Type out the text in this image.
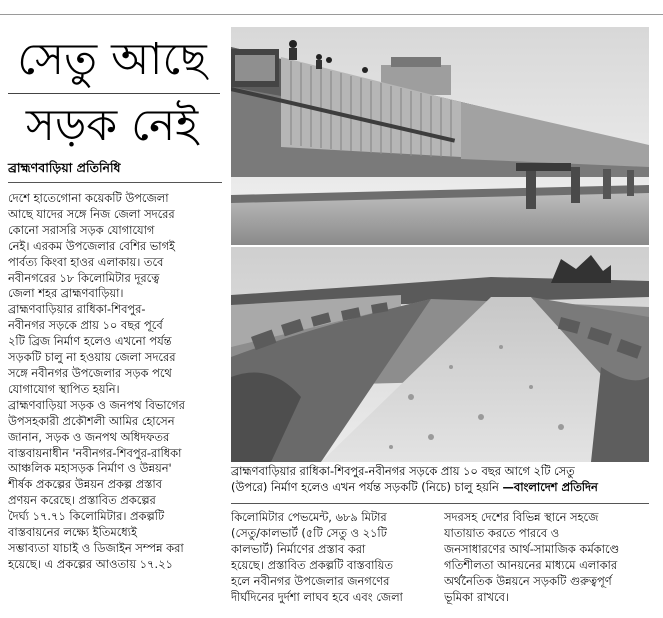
সেতু আছে
সড়ক নেই
ব্রাহ্মণবাড়িয়া প্রতিনিধি
দেশে হাতেগোনা কয়েকটি উপজেলা
আছে যাদের সঙ্গে নিজ জেলা সদরের
কোনো সরাসরি সড়ক যোগাযোগ
নেই। এরকম উপজেলার বেশির ভাগই
পার্বত্য কিংবা হাওর এলাকায়। তবে
নবীনগরের ১৮ কিলোমিটার দূরত্বে
জেলা শহর ব্রাহ্মণবাড়িয়া।
ব্রাহ্মণবাড়িয়ার রাধিকা-শিবপুর-
নবীনগর সড়কে প্রায় ১০ বছর পূর্বে
২টি ব্রিজ নির্মাণ হলেও এখনো পর্যন্ত
সড়কটি চালু না হওয়ায় জেলা সদরের
সঙ্গে নবীনগর উপজেলার সড়ক পথে
যোগাযোগ স্থাপিত হয়নি।
ব্রাহ্মণবাড়িয়া সড়ক ও জনপথ বিভাগের
উপসহকারী প্রকৌশলী আমির হোসেন
জানান, সড়ক ও জনপথ অধিদফতর
বাস্তবায়নাধীন 'নবীনগর-শিবপুর-রাধিকা
আঞ্চলিক মহাসড়ক নির্মাণ ও উন্নয়ন'
শীর্ষক প্রকল্পের উন্নয়ন প্রকল্প প্রস্তাব
প্রণয়ন করেছে। প্রস্তাবিত প্রকল্পের
দৈর্ঘ্য ১৭.৭১ কিলোমিটার। প্রকল্পটি
বাস্তবায়নের লক্ষ্যে ইতিমধ্যেই
সম্ভাব্যতা যাচাই ও ডিজাইন সম্পন্ন করা
হয়েছে। এ প্রকল্পের আওতায় ১৭.২১
ব্রাহ্মণবাড়িয়ার রাধিকা-শিবপুর-নবীনগর সড়কে প্রায় ১০ বছর আগে ২টি সেতু
(উপরে) নির্মাণ হলেও এখন পর্যন্ত সড়কটি (নিচে) চালু হয়নি —বাংলাদেশ প্রতিদিন
কিলোমিটার পেভমেন্ট, ৬৮৯ মিটার
(সেতু/কালভার্ট (৫টি সেতু ও ২১টি
কালভার্ট) নির্মাণের প্রস্তাব করা
হয়েছে। প্রস্তাবিত প্রকল্পটি বাস্তবায়িত
হলে নবীনগর উপজেলার জনগণের
দীর্ঘদিনের দুর্দশা লাঘব হবে এবং জেলা
সদরসহ দেশের বিভিন্ন স্থানে সহজে
যাতায়াত করতে পারবে ও
জনসাধারণের আর্থ-সামাজিক কর্মকাণ্ডে
গতিশীলতা আনয়নের মাধ্যমে এলাকার
অর্থনৈতিক উন্নয়নে সড়কটি গুরুত্বপূর্ণ
ভূমিকা রাখবে।
